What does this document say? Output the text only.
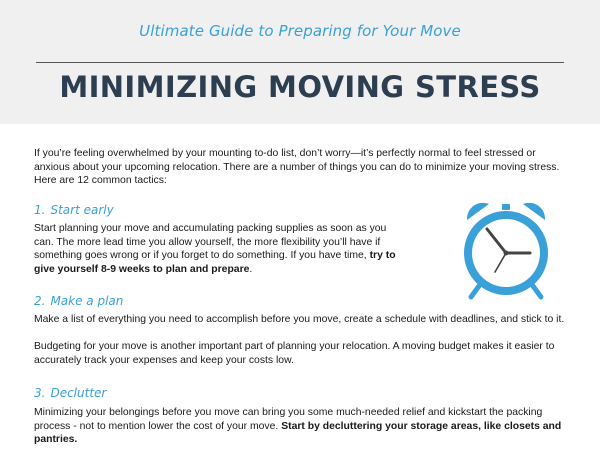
Ultimate Guide to Preparing for Your Move
MINIMIZING MOVING STRESS
If you’re feeling overwhelmed by your mounting to-do list, don’t worry—it’s perfectly normal to feel stressed or anxious about your upcoming relocation. There are a number of things you can do to minimize your moving stress. Here are 12 common tactics:
1. Start early
Start planning your move and accumulating packing supplies as soon as you can. The more lead time you allow yourself, the more flexibility you’ll have if something goes wrong or if you forget to do something. If you have time, try to give yourself 8-9 weeks to plan and prepare.
2. Make a plan
Make a list of everything you need to accomplish before you move, create a schedule with deadlines, and stick to it.
Budgeting for your move is another important part of planning your relocation. A moving budget makes it easier to accurately track your expenses and keep your costs low.
3. Declutter
Minimizing your belongings before you move can bring you some much-needed relief and kickstart the packing process - not to mention lower the cost of your move. Start by decluttering your storage areas, like closets and pantries.
